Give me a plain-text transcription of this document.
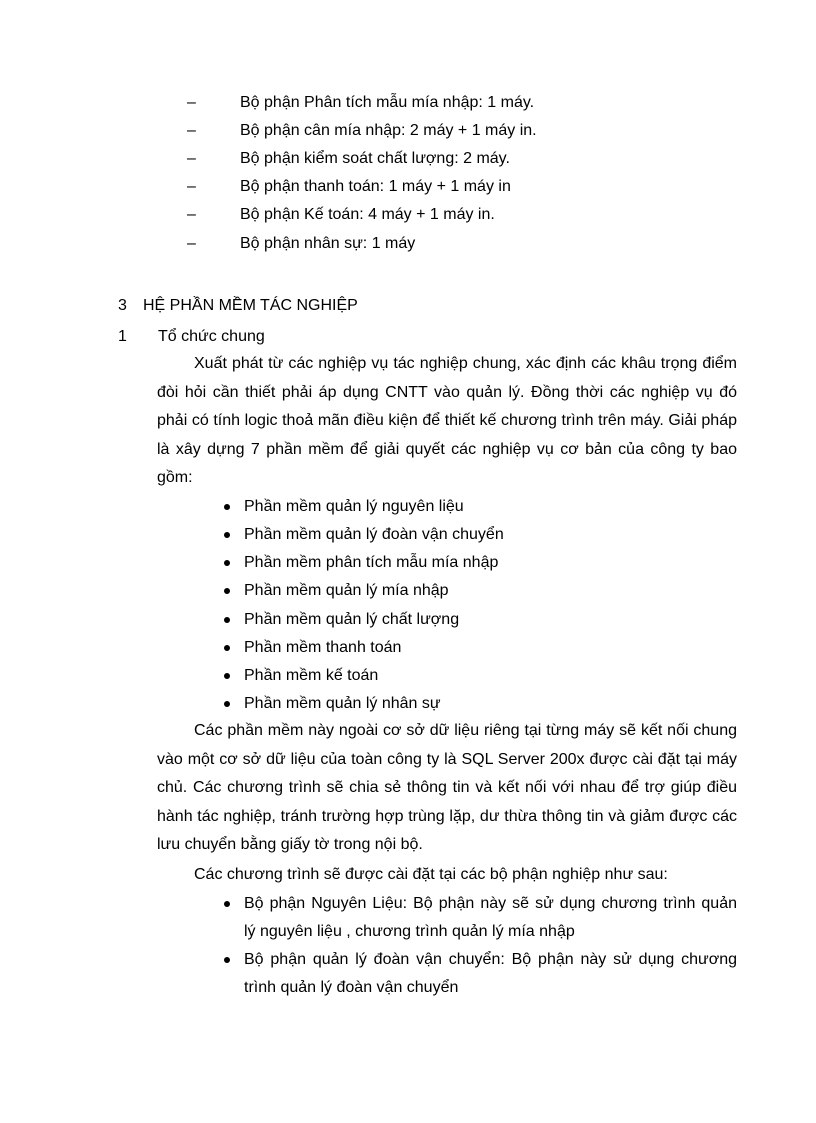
–	Bộ phận Phân tích mẫu mía nhập: 1 máy.
–	Bộ phận cân mía nhập: 2 máy + 1 máy in.
–	Bộ phận kiểm soát chất lượng: 2 máy.
–	Bộ phận thanh toán: 1 máy + 1 máy in
–	Bộ phận Kế toán: 4 máy + 1 máy in.
–	Bộ phận nhân sự: 1 máy
3 HỆ PHẦN MỀM TÁC NGHIỆP
1 Tổ chức chung

Xuất phát từ các nghiệp vụ tác nghiệp chung, xác định các khâu trọng điểm đòi hỏi cần thiết phải áp dụng CNTT vào quản lý. Đồng thời các nghiệp vụ đó phải có tính logic thoả mãn điều kiện để thiết kế chương trình trên máy. Giải pháp là xây dựng 7 phần mềm để giải quyết các nghiệp vụ cơ bản của công ty bao gồm:

Phần mềm quản lý nguyên liệu
Phần mềm quản lý đoàn vận chuyển
Phần mềm phân tích mẫu mía nhập
Phần mềm quản lý mía nhập
Phần mềm quản lý chất lượng
Phần mềm thanh toán
Phần mềm kế toán
Phần mềm quản lý nhân sự

Các phần mềm này ngoài cơ sở dữ liệu riêng tại từng máy sẽ kết nối chung vào một cơ sở dữ liệu của toàn công ty là SQL Server 200x được cài đặt tại máy chủ. Các chương trình sẽ chia sẻ thông tin và kết nối với nhau để trợ giúp điều hành tác nghiệp, tránh trường hợp trùng lặp, dư thừa thông tin và giảm được các lưu chuyển bằng giấy tờ trong nội bộ.

Các chương trình sẽ được cài đặt tại các bộ phận nghiệp như sau:
Bộ phận Nguyên Liệu: Bộ phận này sẽ sử dụng chương trình quản
lý nguyên liệu , chương trình quản lý mía nhập
Bộ phận quản lý đoàn vận chuyển: Bộ phận này sử dụng chương
trình quản lý đoàn vận chuyển
